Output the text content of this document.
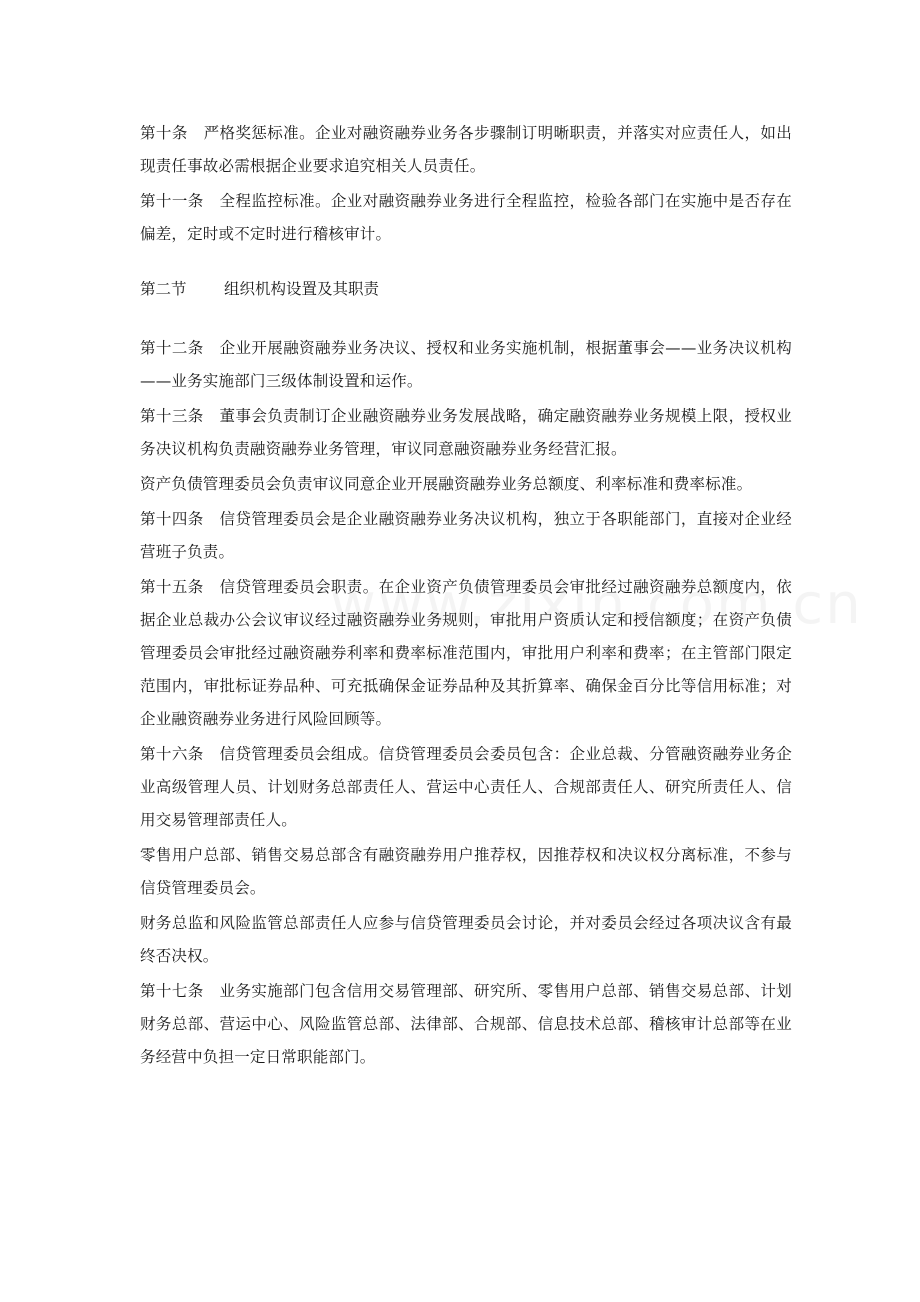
第十条　严格奖惩标准。企业对融资融券业务各步骤制订明晰职责，并落实对应责任人，如出现责任事故必需根据企业要求追究相关人员责任。

第十一条　全程监控标准。企业对融资融券业务进行全程监控，检验各部门在实施中是否存在偏差，定时或不定时进行稽核审计。

第二节 组织机构设置及其职责

第十二条　企业开展融资融券业务决议、授权和业务实施机制，根据董事会——业务决议机构——业务实施部门三级体制设置和运作。

第十三条　董事会负责制订企业融资融券业务发展战略，确定融资融券业务规模上限，授权业务决议机构负责融资融券业务管理，审议同意融资融券业务经营汇报。

资产负债管理委员会负责审议同意企业开展融资融券业务总额度、利率标准和费率标准。

第十四条　信贷管理委员会是企业融资融券业务决议机构，独立于各职能部门，直接对企业经营班子负责。

第十五条　信贷管理委员会职责。在企业资产负债管理委员会审批经过融资融券总额度内，依据企业总裁办公会议审议经过融资融券业务规则，审批用户资质认定和授信额度；在资产负债管理委员会审批经过融资融券利率和费率标准范围内，审批用户利率和费率；在主管部门限定范围内，审批标证券品种、可充抵确保金证券品种及其折算率、确保金百分比等信用标准；对企业融资融券业务进行风险回顾等。

第十六条　信贷管理委员会组成。信贷管理委员会委员包含：企业总裁、分管融资融券业务企业高级管理人员、计划财务总部责任人、营运中心责任人、合规部责任人、研究所责任人、信用交易管理部责任人。

零售用户总部、销售交易总部含有融资融券用户推荐权，因推荐权和决议权分离标准，不参与信贷管理委员会。

财务总监和风险监管总部责任人应参与信贷管理委员会讨论，并对委员会经过各项决议含有最终否决权。

第十七条　业务实施部门包含信用交易管理部、研究所、零售用户总部、销售交易总部、计划财务总部、营运中心、风险监管总部、法律部、合规部、信息技术总部、稽核审计总部等在业务经营中负担一定日常职能部门。
